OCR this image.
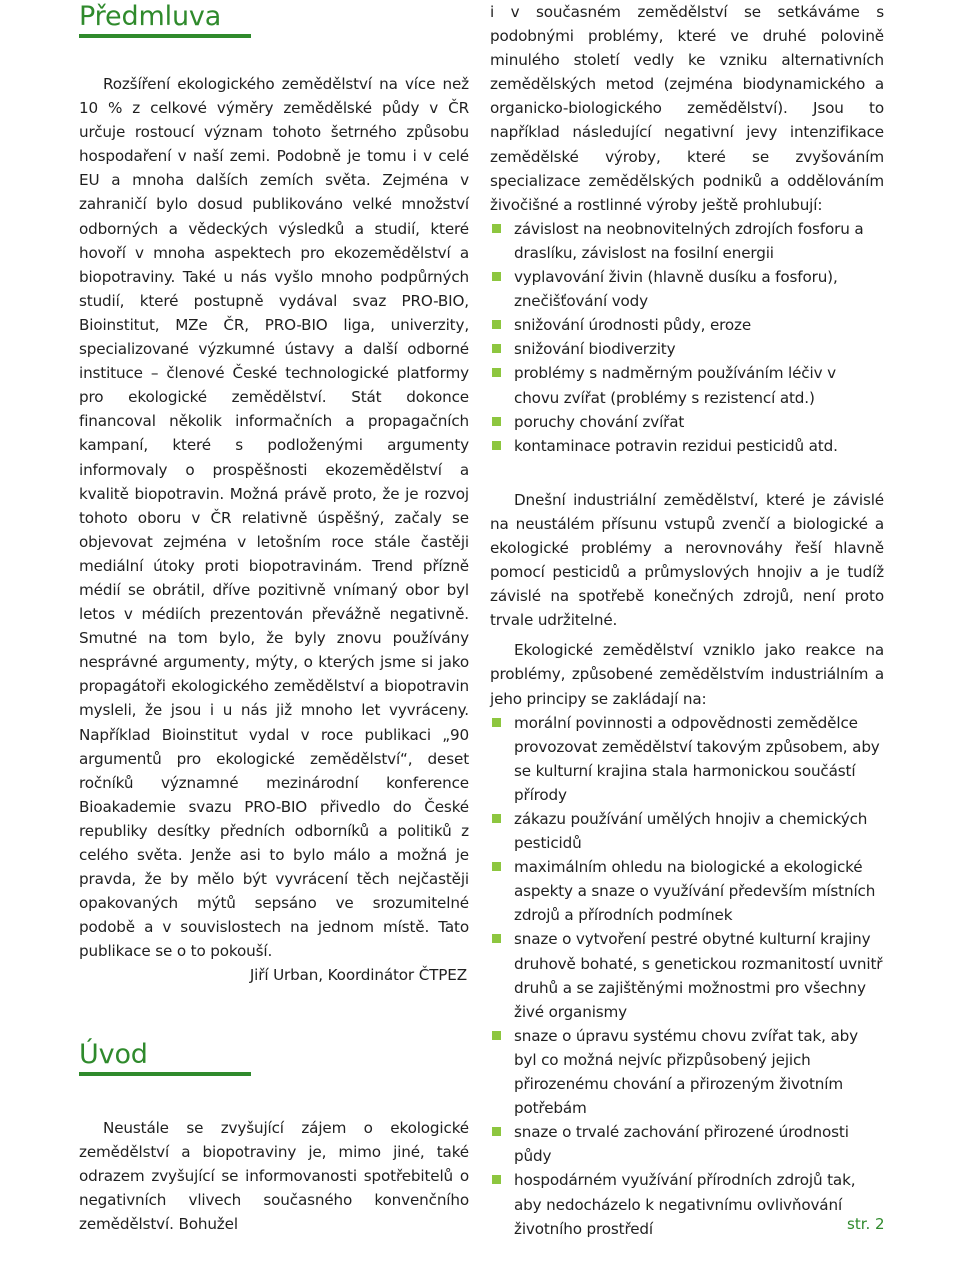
Předmluva

Rozšíření ekologického zemědělství na více než 10 % z celkové výměry zemědělské půdy v ČR určuje rostoucí význam tohoto šetrného způsobu hospodaření v naší zemi. Podobně je tomu i v celé EU a mnoha dalších zemích světa. Zejména v zahraničí bylo dosud publikováno velké množství odborných a vědeckých výsledků a studií, které hovoří v mnoha aspektech pro ekozemědělství a biopotraviny. Také u nás vyšlo mnoho podpůrných studií, které postupně vydával svaz PRO-BIO, Bioinstitut, MZe ČR, PRO-BIO liga, univerzity, specializované výzkumné ústavy a další odborné instituce – členové České technologické platformy pro ekologické zemědělství. Stát dokonce financoval několik informačních a propagačních kampaní, které s podloženými argumenty informovaly o prospěšnosti ekozemědělství a kvalitě biopotravin. Možná právě proto, že je rozvoj tohoto oboru v ČR relativně úspěšný, začaly se objevovat zejména v letošním roce stále častěji mediální útoky proti biopotravinám. Trend přízně médií se obrátil, dříve pozitivně vnímaný obor byl letos v médiích prezentován převážně negativně. Smutné na tom bylo, že byly znovu používány nesprávné argumenty, mýty, o kterých jsme si jako propagátoři ekologického zemědělství a biopotravin mysleli, že jsou i u nás již mnoho let vyvráceny. Například Bioinstitut vydal v roce publikaci „90 argumentů pro ekologické zemědělství“, deset ročníků významné mezinárodní konference Bioakademie svazu PRO-BIO přivedlo do České republiky desítky předních odborníků a politiků z celého světa. Jenže asi to bylo málo a možná je pravda, že by mělo být vyvrácení těch nejčastěji opakovaných mýtů sepsáno ve srozumitelné podobě a v souvislostech na jednom místě. Tato publikace se o to pokouší.

Jiří Urban, Koordinátor ČTPEZ

Úvod

Neustále se zvyšující zájem o ekologické zemědělství a biopotraviny je, mimo jiné, také odrazem zvyšující se informovanosti spotřebitelů o negativních vlivech současného konvenčního zemědělství. Bohužel

i v současném zemědělství se setkáváme s podobnými problémy, které ve druhé polovině minulého století vedly ke vzniku alternativních zemědělských metod (zejména biodynamického a organicko-biologického zemědělství). Jsou to například následující negativní jevy intenzifikace zemědělské výroby, které se zvyšováním specializace zemědělských podniků a oddělováním živočišné a rostlinné výroby ještě prohlubují:

závislost na neobnovitelných zdrojích fosforu a draslíku, závislost na fosilní energii
vyplavování živin (hlavně dusíku a fosforu), znečišťování vody
snižování úrodnosti půdy, eroze
snižování biodiverzity
problémy s nadměrným používáním léčiv v chovu zvířat (problémy s rezistencí atd.)
poruchy chování zvířat
kontaminace potravin rezidui pesticidů atd.

Dnešní industriální zemědělství, které je závislé na neustálém přísunu vstupů zvenčí a biologické a ekologické problémy a nerovnováhy řeší hlavně pomocí pesticidů a průmyslových hnojiv a je tudíž závislé na spotřebě konečných zdrojů, není proto trvale udržitelné.

Ekologické zemědělství vzniklo jako reakce na problémy, způsobené zemědělstvím industriálním a jeho principy se zakládají na:

morální povinnosti a odpovědnosti zemědělce provozovat zemědělství takovým způsobem, aby se kulturní krajina stala harmonickou součástí přírody
zákazu používání umělých hnojiv a chemických pesticidů
maximálním ohledu na biologické a ekologické aspekty a snaze o využívání především místních zdrojů a přírodních podmínek
snaze o vytvoření pestré obytné kulturní krajiny druhově bohaté, s genetickou rozmanitostí uvnitř druhů a se zajištěnými možnostmi pro všechny živé organismy
snaze o úpravu systému chovu zvířat tak, aby byl co možná nejvíc přizpůsobený jejich přirozenému chování a přirozeným životním potřebám
snaze o trvalé zachování přirozené úrodnosti půdy
hospodárném využívání přírodních zdrojů tak, aby nedocházelo k negativnímu ovlivňování životního prostředí	str. 2
